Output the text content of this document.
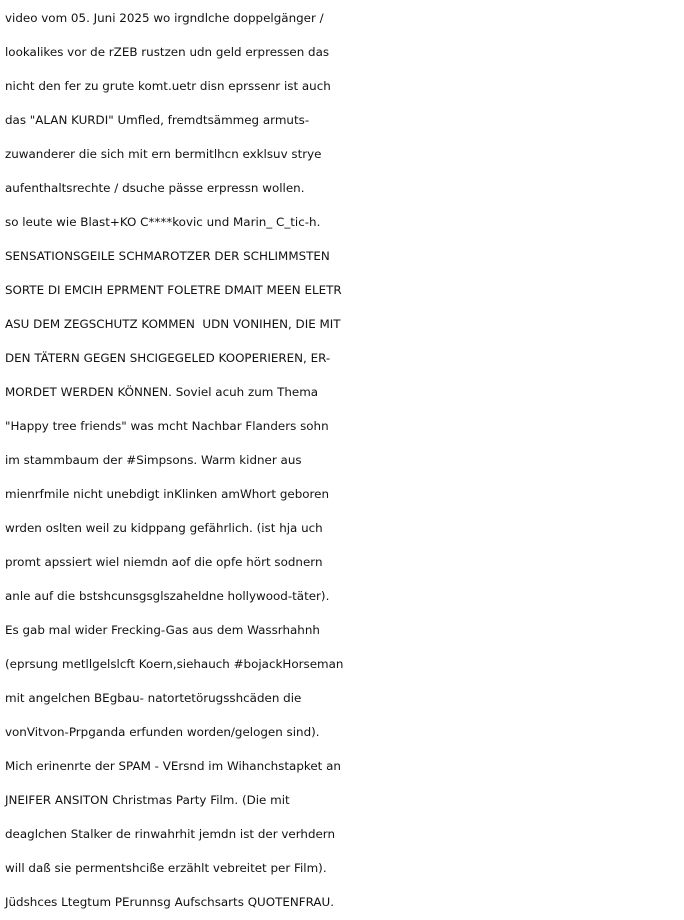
video vom 05. Juni 2025 wo irgndlche doppelgänger /
lookalikes vor de rZEB rustzen udn geld erpressen das
nicht den fer zu grute komt.uetr disn eprssenr ist auch
das "ALAN KURDI" Umfled, fremdtsämmeg armuts-
zuwanderer die sich mit ern bermitlhcn exklsuv strye
aufenthaltsrechte / dsuche pässe erpressn wollen.
so leute wie Blast+KO C****kovic und Marin_ C_tic-h.
SENSATIONSGEILE SCHMAROTZER DER SCHLIMMSTEN
SORTE DI EMCIH EPRMENT FOLETRE DMAIT MEEN ELETR
ASU DEM ZEGSCHUTZ KOMMEN  UDN VONIHEN, DIE MIT
DEN TÄTERN GEGEN SHCIGEGELED KOOPERIEREN, ER-
MORDET WERDEN KÖNNEN. Soviel acuh zum Thema
"Happy tree friends" was mcht Nachbar Flanders sohn
im stammbaum der #Simpsons. Warm kidner aus
mienrfmile nicht unebdigt inKlinken amWhort geboren
wrden oslten weil zu kidppang gefährlich. (ist hja uch
promt apssiert wiel niemdn aof die opfe hört sodnern
anle auf die bstshcunsgsglszaheldne hollywood-täter).
Es gab mal wider Frecking-Gas aus dem Wassrhahnh
(eprsung metllgelslcft Koern,siehauch #bojackHorseman
mit angelchen BEgbau- natortetörugsshcäden die
vonVitvon-Prpganda erfunden worden/gelogen sind).
Mich erinenrte der SPAM - VErsnd im Wihanchstapket an
JNEIFER ANSITON Christmas Party Film. (Die mit
deaglchen Stalker de rinwahrhit jemdn ist der verhdern
will daß sie permentshciße erzählt vebreitet per Film).
Jüdshces Ltegtum PErunnsg Aufschsarts QUOTENFRAU.
